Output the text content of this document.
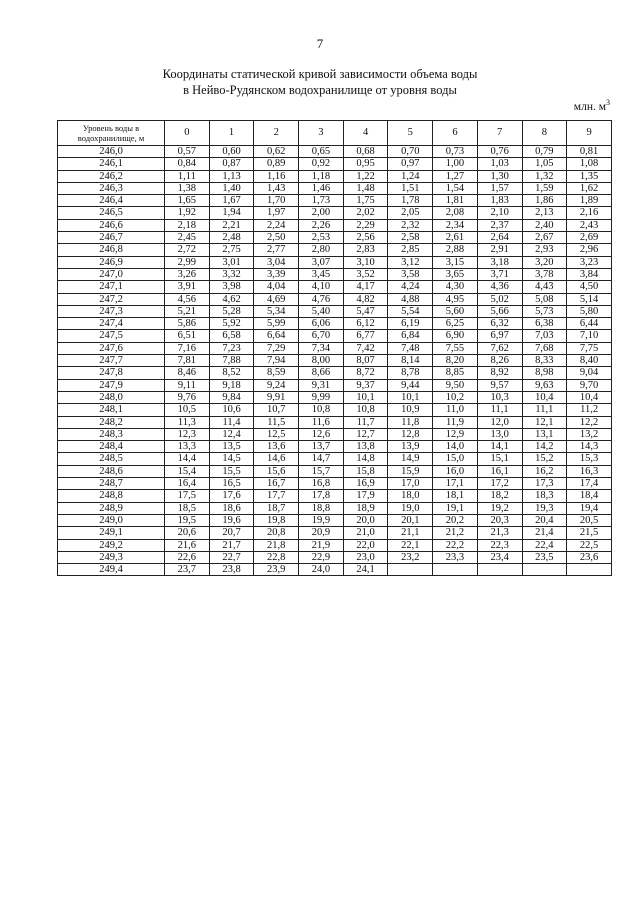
7
Координаты статической кривой зависимости объема воды
в Нейво-Рудянском водохранилище от уровня воды
млн. $м^3$
Уровень воды в водохранилище, м	0	1	2	3	4	5	6	7	8	9
246,0	0,57	0,60	0,62	0,65	0,68	0,70	0,73	0,76	0,79	0,81
246,1	0,84	0,87	0,89	0,92	0,95	0,97	1,00	1,03	1,05	1,08
246,2	1,11	1,13	1,16	1,18	1,22	1,24	1,27	1,30	1,32	1,35
246,3	1,38	1,40	1,43	1,46	1,48	1,51	1,54	1,57	1,59	1,62
246,4	1,65	1,67	1,70	1,73	1,75	1,78	1,81	1,83	1,86	1,89
246,5	1,92	1,94	1,97	2,00	2,02	2,05	2,08	2,10	2,13	2,16
246,6	2,18	2,21	2,24	2,26	2,29	2,32	2,34	2,37	2,40	2,43
246,7	2,45	2,48	2,50	2,53	2,56	2,58	2,61	2,64	2,67	2,69
246,8	2,72	2,75	2,77	2,80	2,83	2,85	2,88	2,91	2,93	2,96
246,9	2,99	3,01	3,04	3,07	3,10	3,12	3,15	3,18	3,20	3,23
247,0	3,26	3,32	3,39	3,45	3,52	3,58	3,65	3,71	3,78	3,84
247,1	3,91	3,98	4,04	4,10	4,17	4,24	4,30	4,36	4,43	4,50
247,2	4,56	4,62	4,69	4,76	4,82	4,88	4,95	5,02	5,08	5,14
247,3	5,21	5,28	5,34	5,40	5,47	5,54	5,60	5,66	5,73	5,80
247,4	5,86	5,92	5,99	6,06	6,12	6,19	6,25	6,32	6,38	6,44
247,5	6,51	6,58	6,64	6,70	6,77	6,84	6,90	6,97	7,03	7,10
247,6	7,16	7,23	7,29	7,34	7,42	7,48	7,55	7,62	7,68	7,75
247,7	7,81	7,88	7,94	8,00	8,07	8,14	8,20	8,26	8,33	8,40
247,8	8,46	8,52	8,59	8,66	8,72	8,78	8,85	8,92	8,98	9,04
247,9	9,11	9,18	9,24	9,31	9,37	9,44	9,50	9,57	9,63	9,70
248,0	9,76	9,84	9,91	9,99	10,1	10,1	10,2	10,3	10,4	10,4
248,1	10,5	10,6	10,7	10,8	10,8	10,9	11,0	11,1	11,1	11,2
248,2	11,3	11,4	11,5	11,6	11,7	11,8	11,9	12,0	12,1	12,2
248,3	12,3	12,4	12,5	12,6	12,7	12,8	12,9	13,0	13,1	13,2
248,4	13,3	13,5	13,6	13,7	13,8	13,9	14,0	14,1	14,2	14,3
248,5	14,4	14,5	14,6	14,7	14,8	14,9	15,0	15,1	15,2	15,3
248,6	15,4	15,5	15,6	15,7	15,8	15,9	16,0	16,1	16,2	16,3
248,7	16,4	16,5	16,7	16,8	16,9	17,0	17,1	17,2	17,3	17,4
248,8	17,5	17,6	17,7	17,8	17,9	18,0	18,1	18,2	18,3	18,4
248,9	18,5	18,6	18,7	18,8	18,9	19,0	19,1	19,2	19,3	19,4
249,0	19,5	19,6	19,8	19,9	20,0	20,1	20,2	20,3	20,4	20,5
249,1	20,6	20,7	20,8	20,9	21,0	21,1	21,2	21,3	21,4	21,5
249,2	21,6	21,7	21,8	21,9	22,0	22,1	22,2	22,3	22,4	22,5
249,3	22,6	22,7	22,8	22,9	23,0	23,2	23,3	23,4	23,5	23,6
249,4	23,7	23,8	23,9	24,0	24,1					
